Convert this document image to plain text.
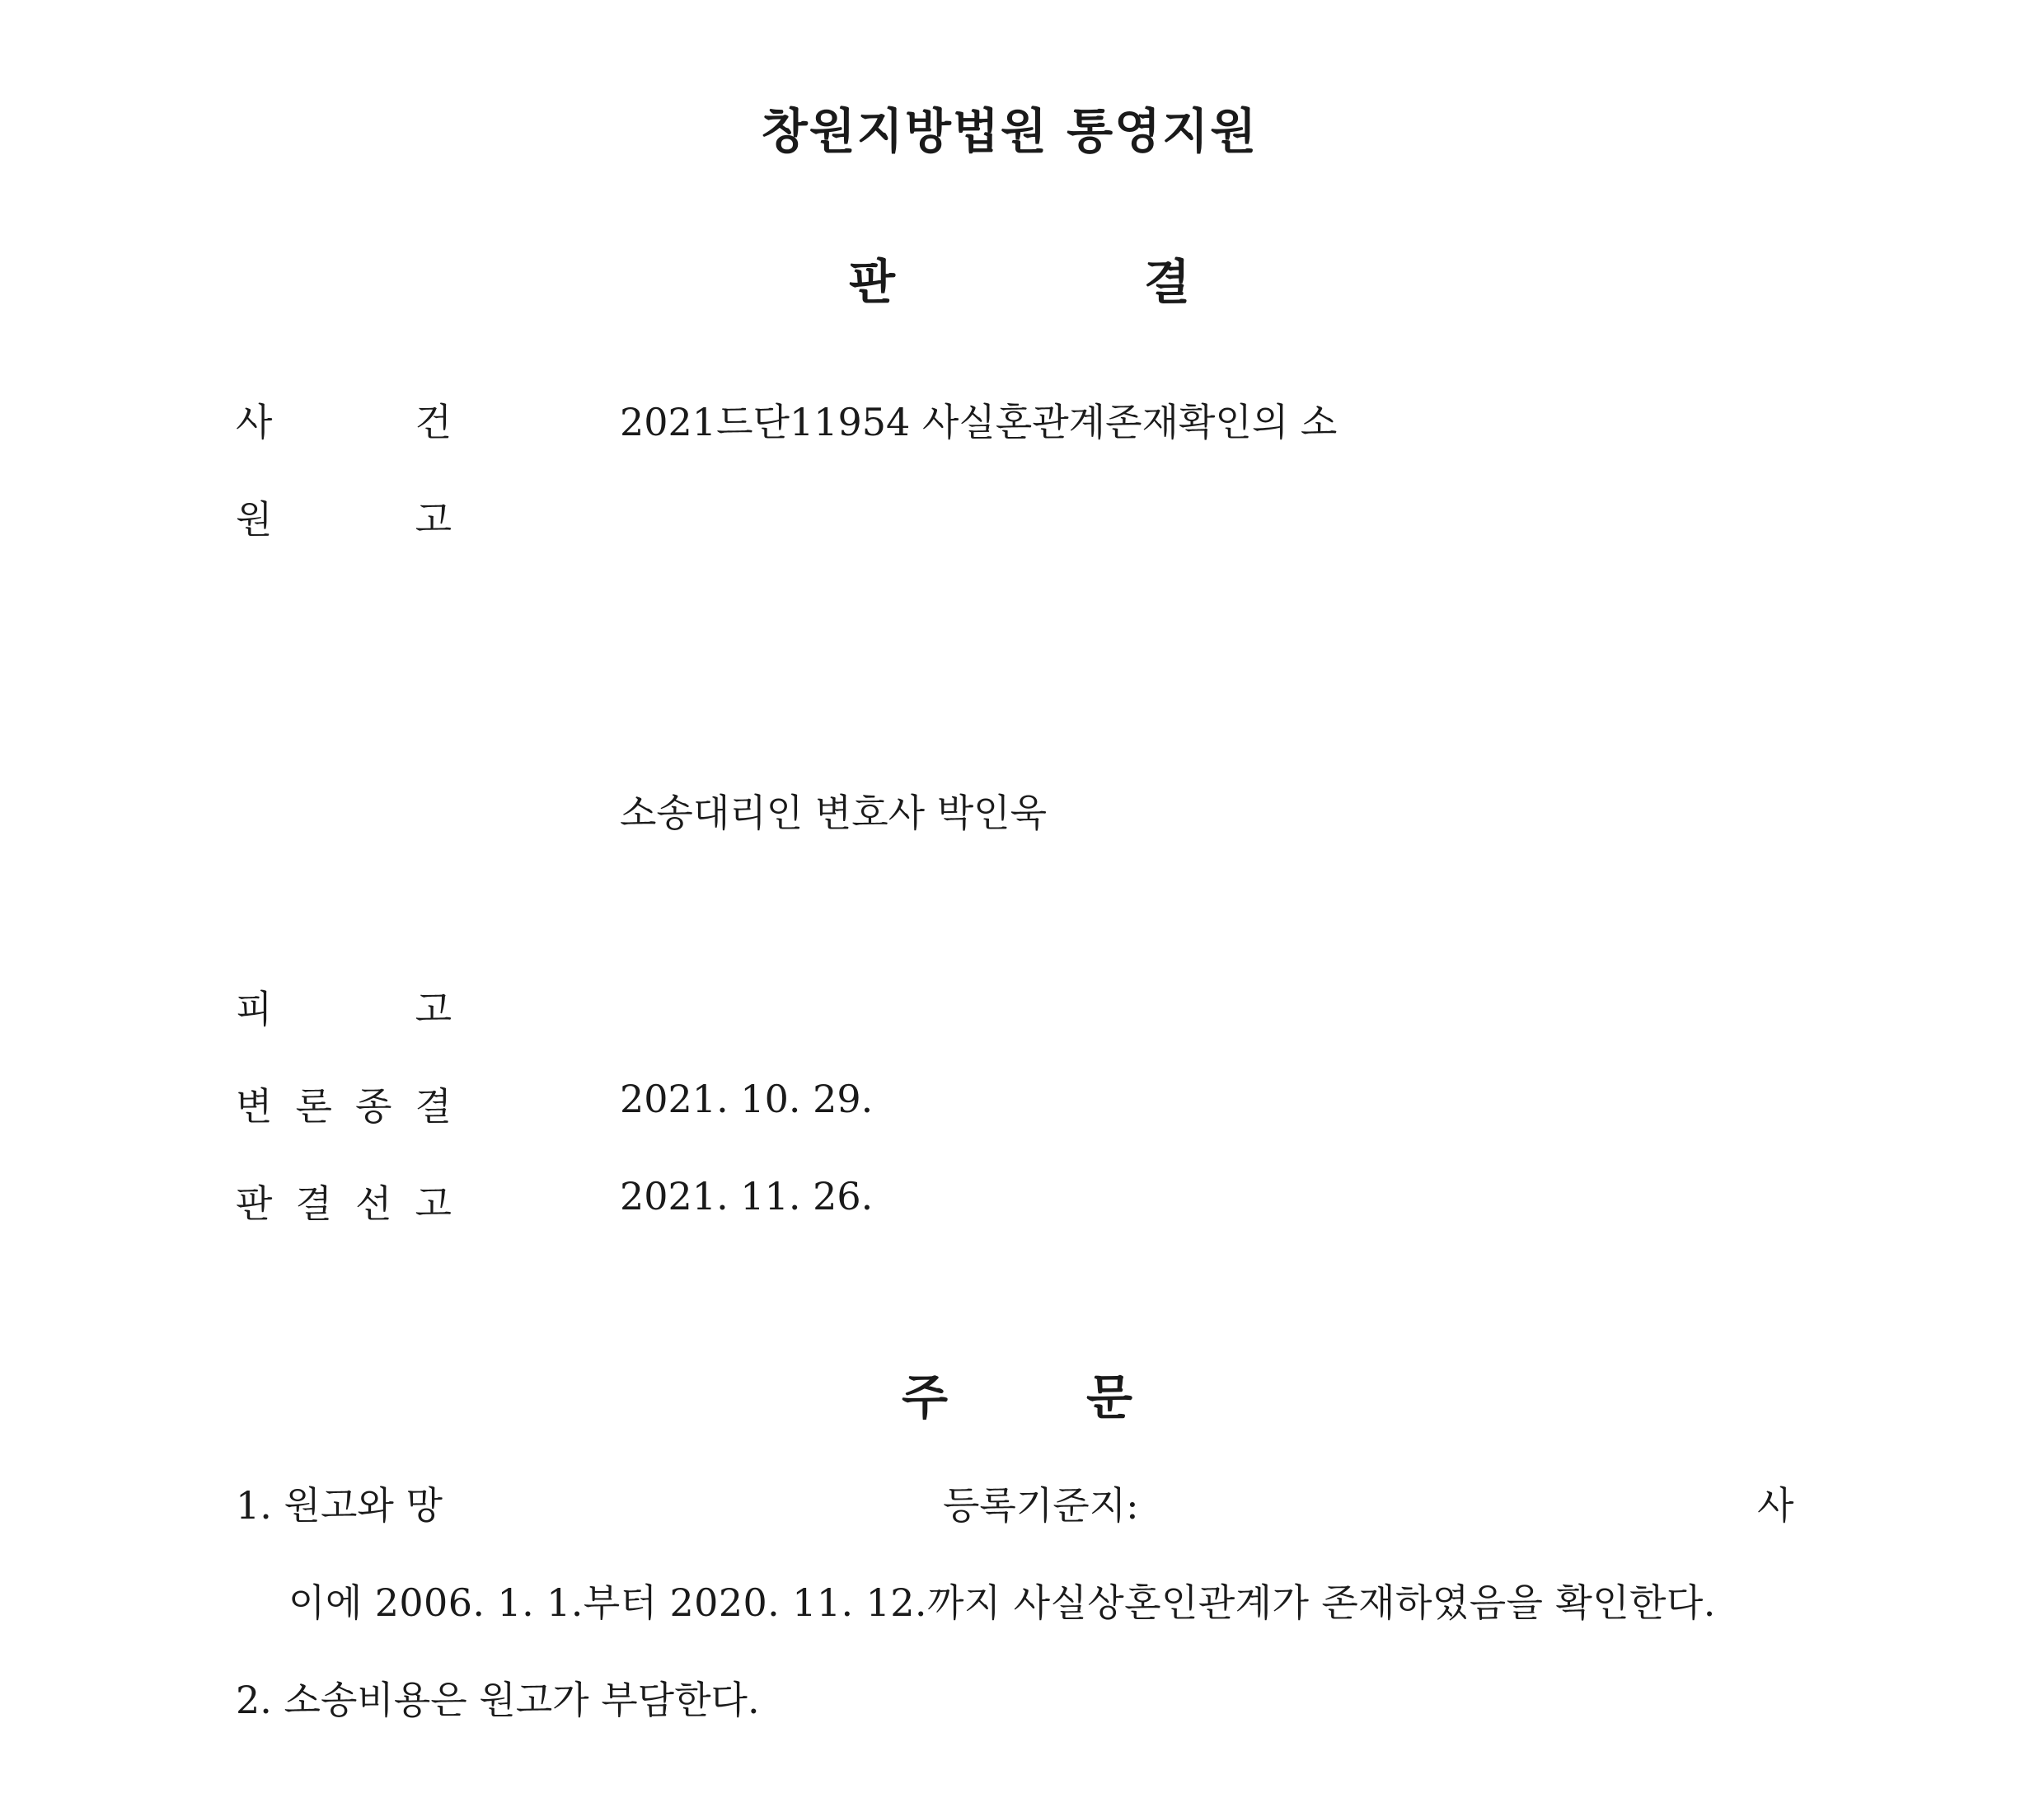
창원지방법원 통영지원
판	결
사	건	2021드단11954 사실혼관계존재확인의 소
원	고
소송대리인 변호사 박인욱
피	고
변 론 종 결	2021. 10. 29.
판 결 선 고	2021. 11. 26.
주	문
1. 원고와 망	등록기준지:	사
이에 2006. 1. 1.부터 2020. 11. 12.까지 사실상혼인관계가 존재하였음을 확인한다.
2. 소송비용은 원고가 부담한다.
